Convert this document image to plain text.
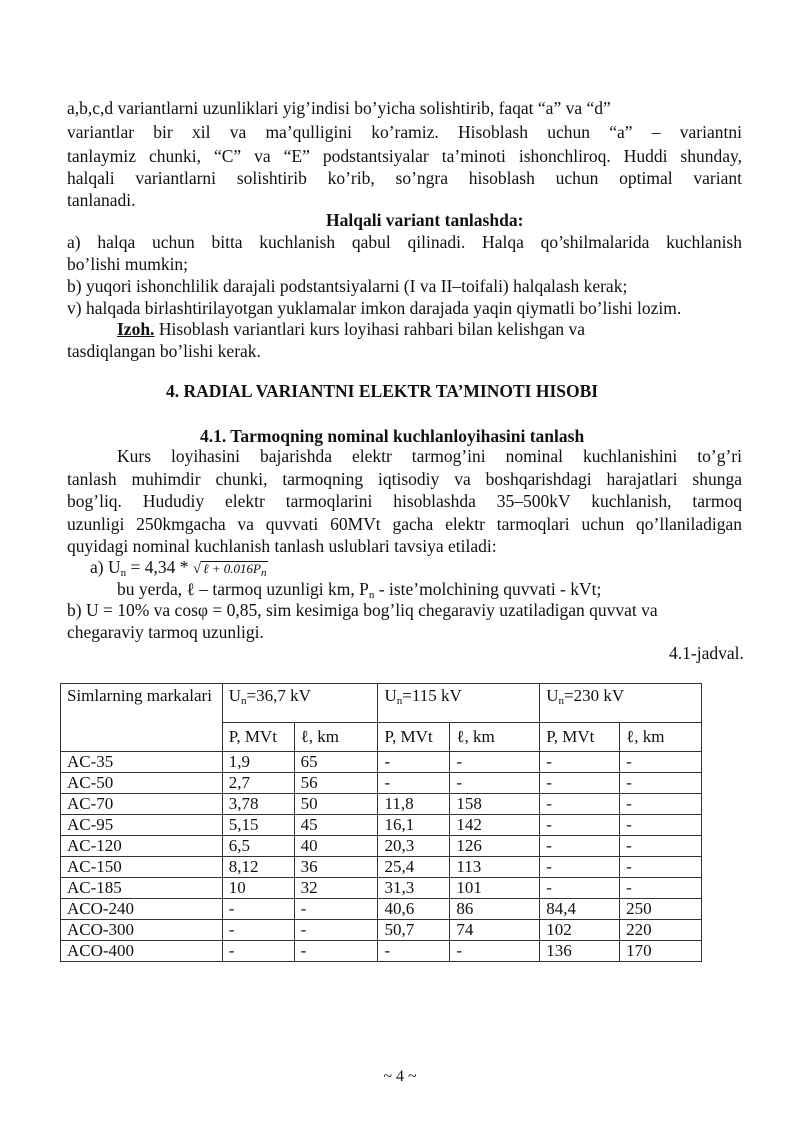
a,b,c,d variantlarni uzunliklari yig’indisi bo’yicha solishtirib, faqat “a” va “d”
variantlar bir xil va ma’qulligini ko’ramiz. Hisoblash uchun “a” – variantni
tanlaymiz chunki, “C” va “E” podstantsiyalar ta’minoti ishonchliroq. Huddi shunday,
halqali variantlarni solishtirib ko’rib, so’ngra hisoblash uchun optimal variant
tanlanadi.
Halqali variant tanlashda:
a) halqa uchun bitta kuchlanish qabul qilinadi. Halqa qo’shilmalarida kuchlanish
bo’lishi mumkin;
b) yuqori ishonchlilik darajali podstantsiyalarni (I va II–toifali) halqalash kerak;
v) halqada birlashtirilayotgan yuklamalar imkon darajada yaqin qiymatli bo’lishi lozim.
Izoh. Hisoblash variantlari kurs loyihasi rahbari bilan kelishgan va
tasdiqlangan bo’lishi kerak.
4. RADIAL VARIANTNI ELEKTR TA’MINOTI HISOBI
4.1. Tarmoqning nominal kuchlanloyihasini tanlash
Kurs loyihasini bajarishda elektr tarmog’ini nominal kuchlanishini to’g’ri
tanlash muhimdir chunki, tarmoqning iqtisodiy va boshqarishdagi harajatlari shunga
bog’liq. Hududiy elektr tarmoqlarini hisoblashda 35–500kV kuchlanish, tarmoq
uzunligi 250kmgacha va quvvati 60MVt gacha elektr tarmoqlari uchun qo’llaniladigan
quyidagi nominal kuchlanish tanlash uslublari tavsiya etiladi:
a) $U_n = 4,34$ * √ ℓ + $0.016P_n$
bu yerda, ℓ – tarmoq uzunligi km, $P_n$ - iste’molchining quvvati - kVt;
b) U = 10% va cosφ = 0,85, sim kesimiga bog’liq chegaraviy uzatiladigan quvvat va
chegaraviy tarmoq uzunligi.
4.1-jadval.
Simlarning markalari	$U_n=36,7$ kV		$U_n=115$ kV		$U_n=230$ kV	
	P, MVt	ℓ, km	P, MVt	ℓ, km	P, MVt	ℓ, km
AC-35	1,9	65	-	-	-	-
AC-50	2,7	56	-	-	-	-
AC-70	3,78	50	11,8	158	-	-
AC-95	5,15	45	16,1	142	-	-
AC-120	6,5	40	20,3	126	-	-
AC-150	8,12	36	25,4	113	-	-
AC-185	10	32	31,3	101	-	-
ACO-240	-	-	40,6	86	84,4	250
ACO-300	-	-	50,7	74	102	220
ACO-400	-	-	-	-	136	170
~ 4 ~
